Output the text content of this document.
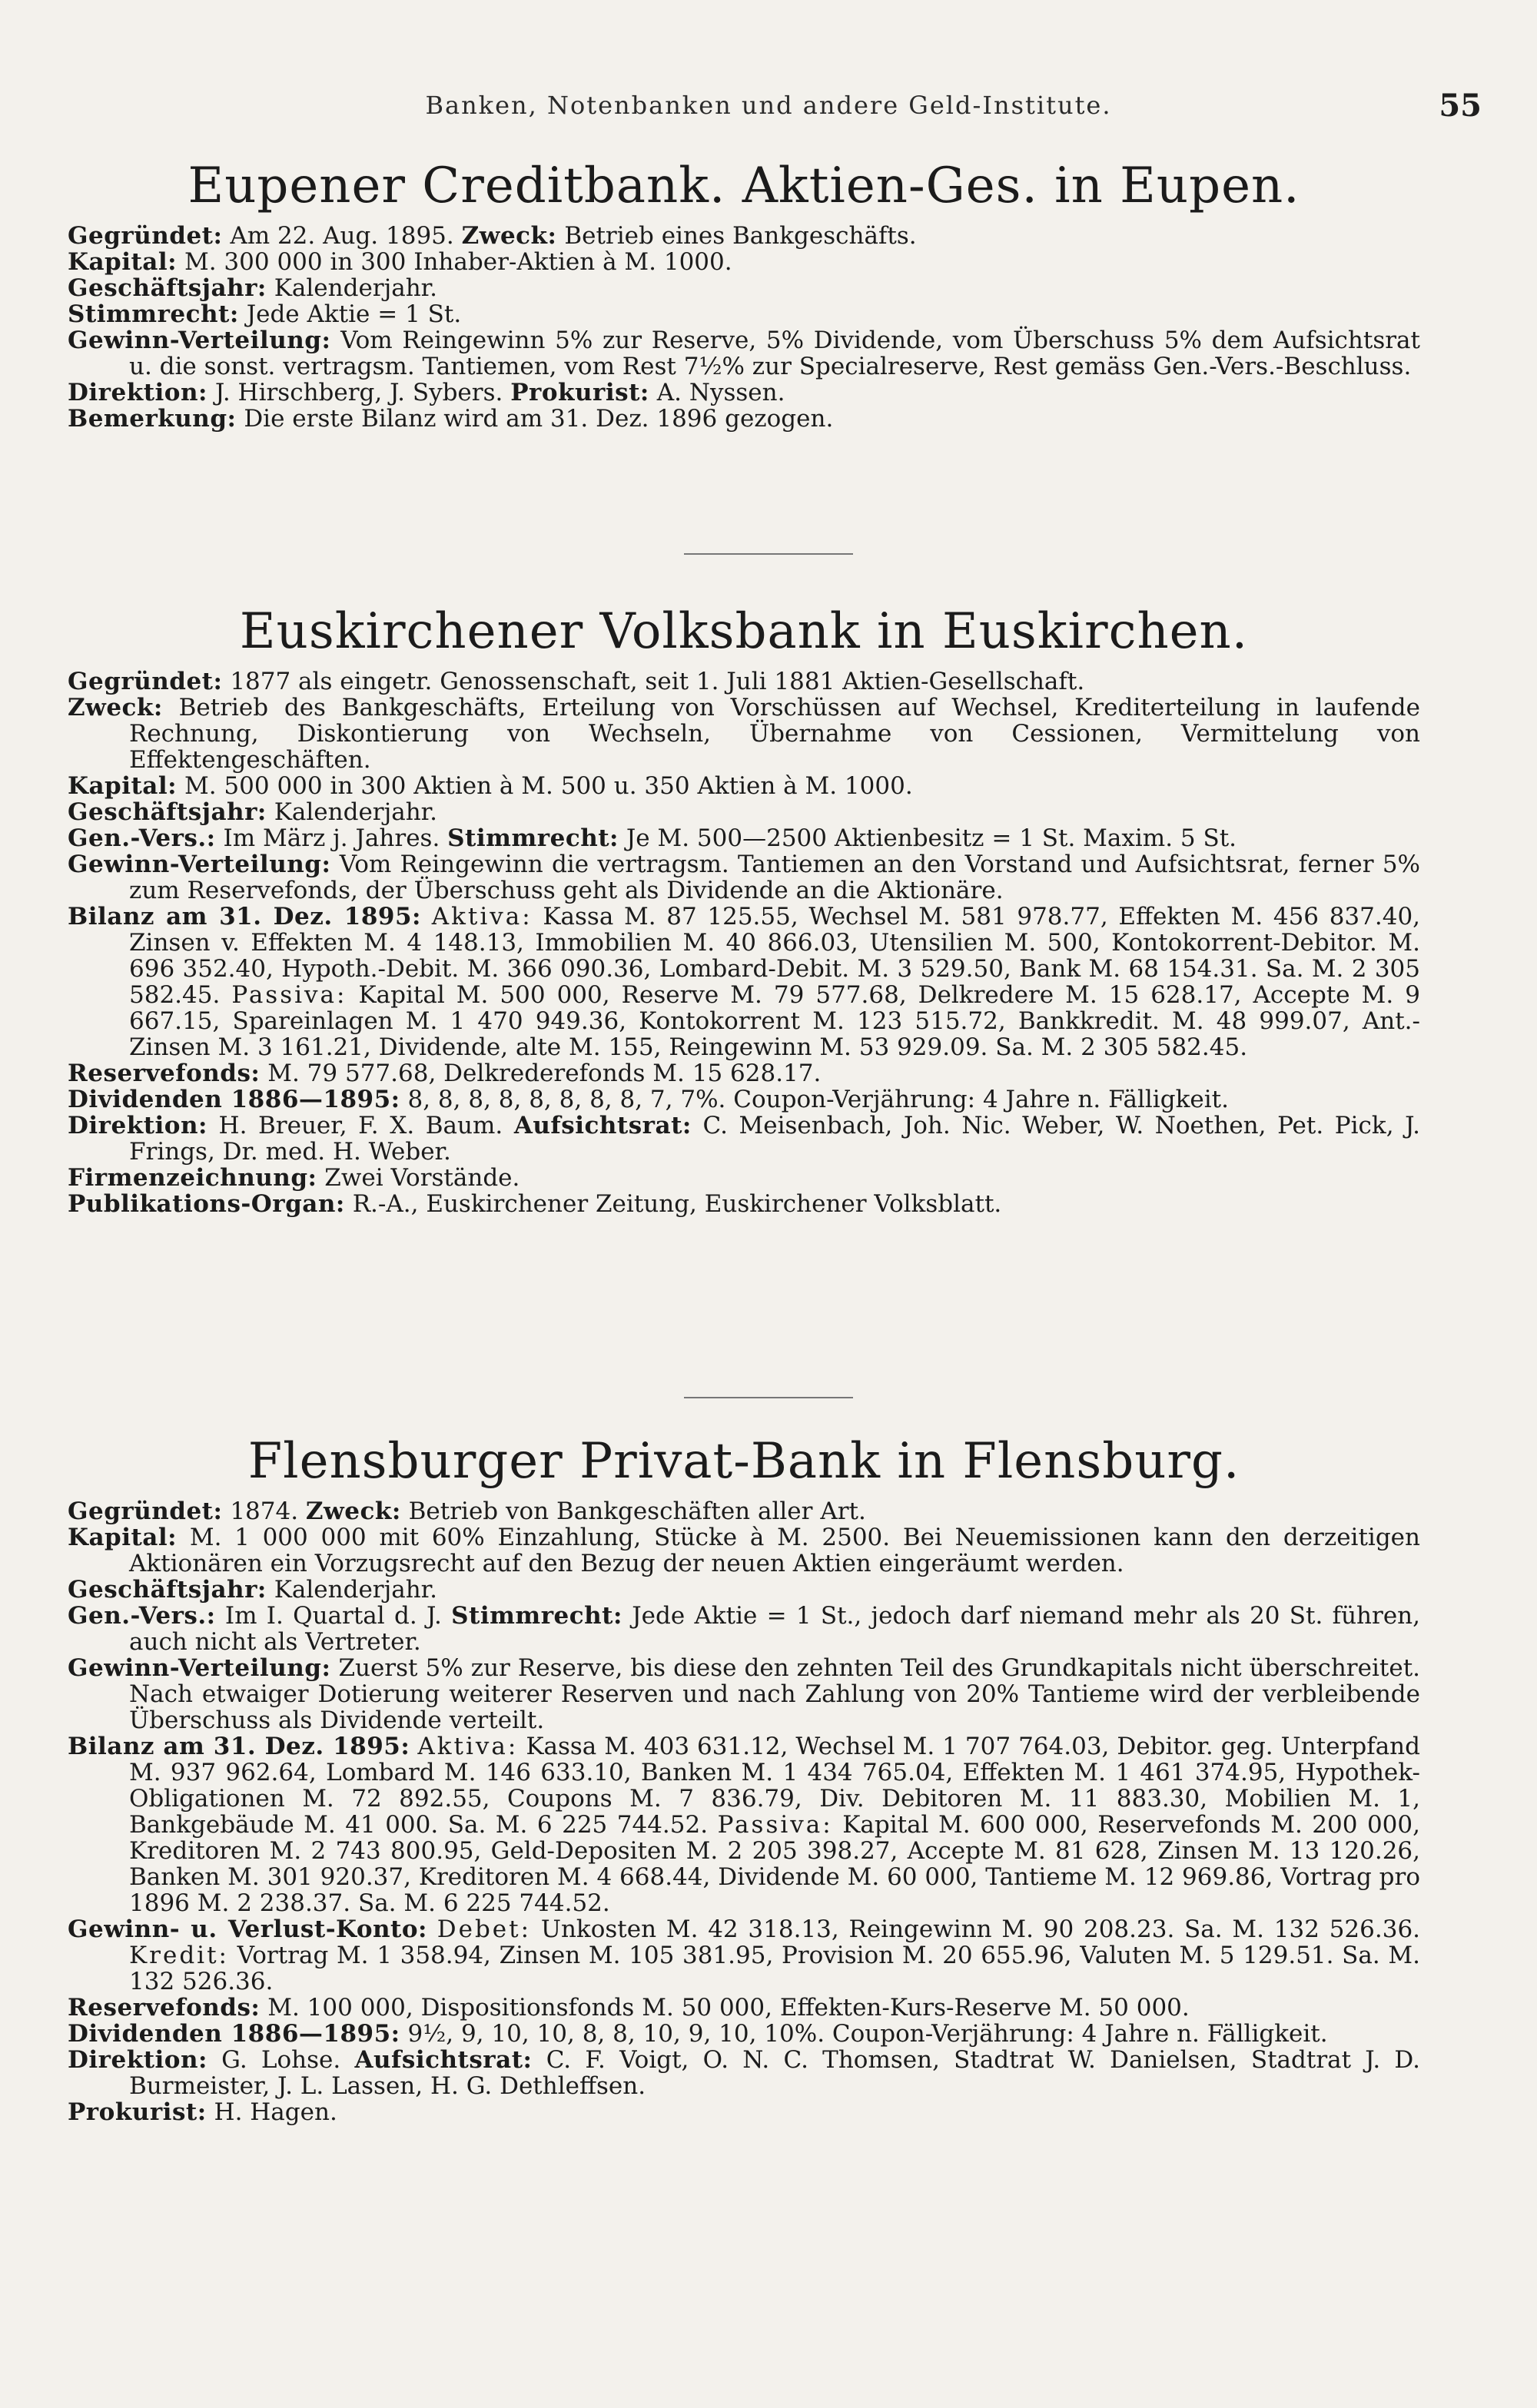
Banken, Notenbanken und andere Geld-Institute.	55
Eupener Creditbank. Aktien-Ges. in Eupen.

Gegründet: Am 22. Aug. 1895. Zweck: Betrieb eines Bankgeschäfts.

Kapital: M. 300 000 in 300 Inhaber-Aktien à M. 1000.

Geschäftsjahr: Kalenderjahr.

Stimmrecht: Jede Aktie = 1 St.

Gewinn-Verteilung: Vom Reingewinn 5% zur Reserve, 5% Dividende, vom Überschuss 5% dem Aufsichtsrat u. die sonst. vertragsm. Tantiemen, vom Rest 7½% zur Specialreserve, Rest gemäss Gen.-Vers.-Beschluss.

Direktion: J. Hirschberg, J. Sybers. Prokurist: A. Nyssen.

Bemerkung: Die erste Bilanz wird am 31. Dez. 1896 gezogen.

Euskirchener Volksbank in Euskirchen.

Gegründet: 1877 als eingetr. Genossenschaft, seit 1. Juli 1881 Aktien-Gesellschaft.

Zweck: Betrieb des Bankgeschäfts, Erteilung von Vorschüssen auf Wechsel, Krediterteilung in laufende Rechnung, Diskontierung von Wechseln, Übernahme von Cessionen, Vermittelung von Effektengeschäften.

Kapital: M. 500 000 in 300 Aktien à M. 500 u. 350 Aktien à M. 1000.

Geschäftsjahr: Kalenderjahr.

Gen.-Vers.: Im März j. Jahres. Stimmrecht: Je M. 500—2500 Aktienbesitz = 1 St. Maxim. 5 St.

Gewinn-Verteilung: Vom Reingewinn die vertragsm. Tantiemen an den Vorstand und Aufsichtsrat, ferner 5% zum Reservefonds, der Überschuss geht als Dividende an die Aktionäre.

Bilanz am 31. Dez. 1895: Aktiva: Kassa M. 87 125.55, Wechsel M. 581 978.77, Effekten M. 456 837.40, Zinsen v. Effekten M. 4 148.13, Immobilien M. 40 866.03, Utensilien M. 500, Kontokorrent-Debitor. M. 696 352.40, Hypoth.-Debit. M. 366 090.36, Lombard-Debit. M. 3 529.50, Bank M. 68 154.31. Sa. M. 2 305 582.45. Passiva: Kapital M. 500 000, Reserve M. 79 577.68, Delkredere M. 15 628.17, Accepte M. 9 667.15, Spareinlagen M. 1 470 949.36, Kontokorrent M. 123 515.72, Bankkredit. M. 48 999.07, Ant.-Zinsen M. 3 161.21, Dividende, alte M. 155, Reingewinn M. 53 929.09. Sa. M. 2 305 582.45.

Reservefonds: M. 79 577.68, Delkrederefonds M. 15 628.17.

Dividenden 1886—1895: 8, 8, 8, 8, 8, 8, 8, 8, 7, 7%. Coupon-Verjährung: 4 Jahre n. Fälligkeit.

Direktion: H. Breuer, F. X. Baum. Aufsichtsrat: C. Meisenbach, Joh. Nic. Weber, W. Noethen, Pet. Pick, J. Frings, Dr. med. H. Weber.

Firmenzeichnung: Zwei Vorstände.

Publikations-Organ: R.-A., Euskirchener Zeitung, Euskirchener Volksblatt.

Flensburger Privat-Bank in Flensburg.

Gegründet: 1874. Zweck: Betrieb von Bankgeschäften aller Art.

Kapital: M. 1 000 000 mit 60% Einzahlung, Stücke à M. 2500. Bei Neuemissionen kann den derzeitigen Aktionären ein Vorzugsrecht auf den Bezug der neuen Aktien eingeräumt werden.

Geschäftsjahr: Kalenderjahr.

Gen.-Vers.: Im I. Quartal d. J. Stimmrecht: Jede Aktie = 1 St., jedoch darf niemand mehr als 20 St. führen, auch nicht als Vertreter.

Gewinn-Verteilung: Zuerst 5% zur Reserve, bis diese den zehnten Teil des Grundkapitals nicht überschreitet. Nach etwaiger Dotierung weiterer Reserven und nach Zahlung von 20% Tantieme wird der verbleibende Überschuss als Dividende verteilt.

Bilanz am 31. Dez. 1895: Aktiva: Kassa M. 403 631.12, Wechsel M. 1 707 764.03, Debitor. geg. Unterpfand M. 937 962.64, Lombard M. 146 633.10, Banken M. 1 434 765.04, Effekten M. 1 461 374.95, Hypothek-Obligationen M. 72 892.55, Coupons M. 7 836.79, Div. Debitoren M. 11 883.30, Mobilien M. 1, Bankgebäude M. 41 000. Sa. M. 6 225 744.52. Passiva: Kapital M. 600 000, Reservefonds M. 200 000, Kreditoren M. 2 743 800.95, Geld-Depositen M. 2 205 398.27, Accepte M. 81 628, Zinsen M. 13 120.26, Banken M. 301 920.37, Kreditoren M. 4 668.44, Dividende M. 60 000, Tantieme M. 12 969.86, Vortrag pro 1896 M. 2 238.37. Sa. M. 6 225 744.52.

Gewinn- u. Verlust-Konto: Debet: Unkosten M. 42 318.13, Reingewinn M. 90 208.23. Sa. M. 132 526.36. Kredit: Vortrag M. 1 358.94, Zinsen M. 105 381.95, Provision M. 20 655.96, Valuten M. 5 129.51. Sa. M. 132 526.36.

Reservefonds: M. 100 000, Dispositionsfonds M. 50 000, Effekten-Kurs-Reserve M. 50 000.

Dividenden 1886—1895: 9½, 9, 10, 10, 8, 8, 10, 9, 10, 10%. Coupon-Verjährung: 4 Jahre n. Fälligkeit.

Direktion: G. Lohse. Aufsichtsrat: C. F. Voigt, O. N. C. Thomsen, Stadtrat W. Danielsen, Stadtrat J. D. Burmeister, J. L. Lassen, H. G. Dethleffsen.

Prokurist: H. Hagen.
